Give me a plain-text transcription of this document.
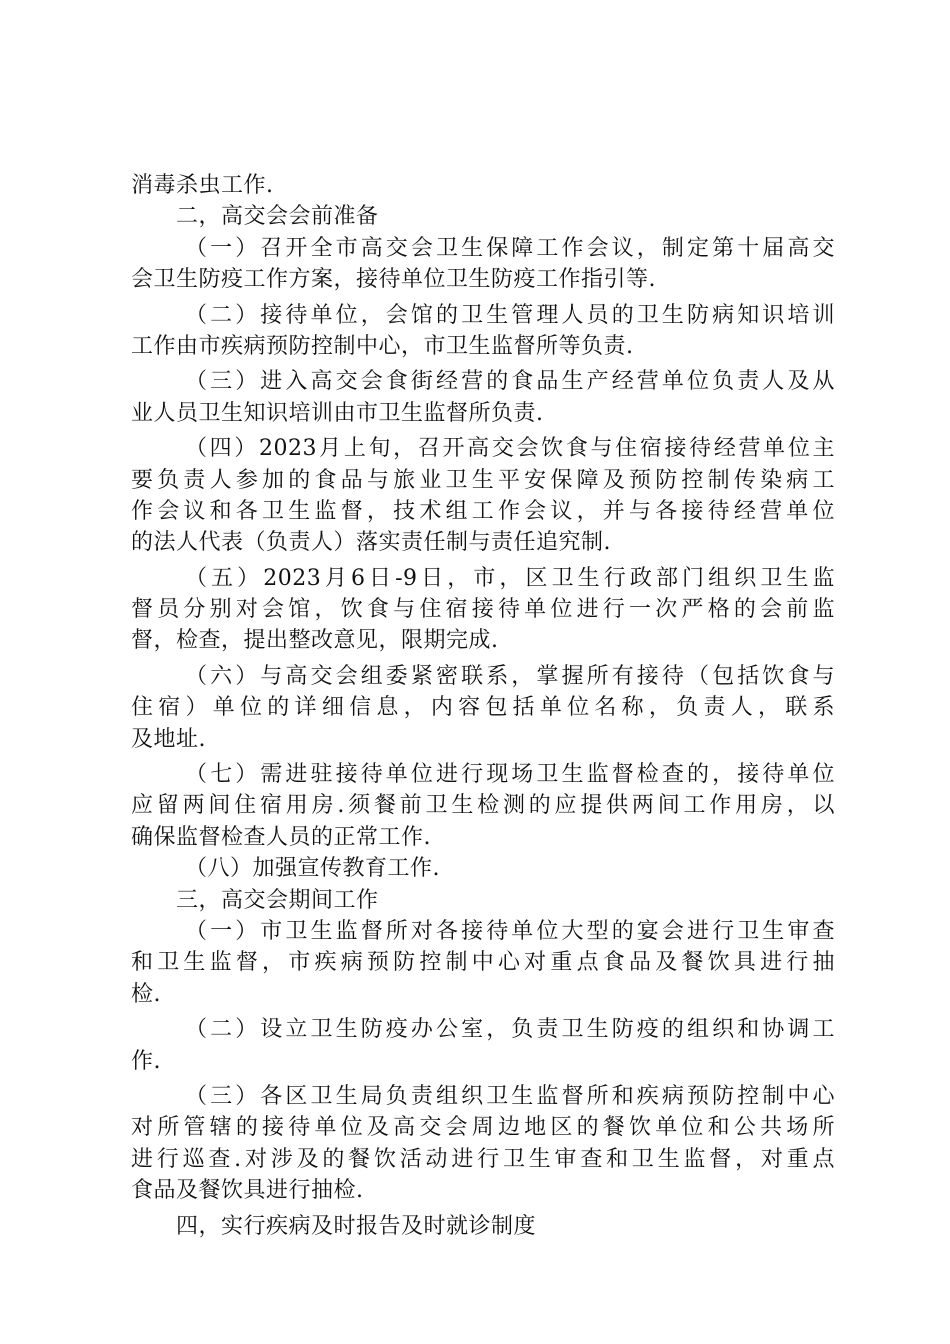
消毒杀虫工作.
二，高交会会前准备
（一）召开全市高交会卫生保障工作会议，制定第十届高交
会卫生防疫工作方案，接待单位卫生防疫工作指引等.
（二）接待单位，会馆的卫生管理人员的卫生防病知识培训
工作由市疾病预防控制中心，市卫生监督所等负责.
（三）进入高交会食街经营的食品生产经营单位负责人及从
业人员卫生知识培训由市卫生监督所负责.
（四）2023月上旬，召开高交会饮食与住宿接待经营单位主
要负责人参加的食品与旅业卫生平安保障及预防控制传染病工
作会议和各卫生监督，技术组工作会议，并与各接待经营单位
的法人代表（负责人）落实责任制与责任追究制.
（五）2023月6日-9日，市，区卫生行政部门组织卫生监
督员分别对会馆，饮食与住宿接待单位进行一次严格的会前监
督，检查，提出整改意见，限期完成.
（六）与高交会组委紧密联系，掌握所有接待（包括饮食与
住宿）单位的详细信息，内容包括单位名称，负责人，联系
及地址.
（七）需进驻接待单位进行现场卫生监督检查的，接待单位
应留两间住宿用房.须餐前卫生检测的应提供两间工作用房，以
确保监督检查人员的正常工作.
（八）加强宣传教育工作.
三，高交会期间工作
（一）市卫生监督所对各接待单位大型的宴会进行卫生审查
和卫生监督，市疾病预防控制中心对重点食品及餐饮具进行抽
检.
（二）设立卫生防疫办公室，负责卫生防疫的组织和协调工
作.
（三）各区卫生局负责组织卫生监督所和疾病预防控制中心
对所管辖的接待单位及高交会周边地区的餐饮单位和公共场所
进行巡查.对涉及的餐饮活动进行卫生审查和卫生监督，对重点
食品及餐饮具进行抽检.
四，实行疾病及时报告及时就诊制度
